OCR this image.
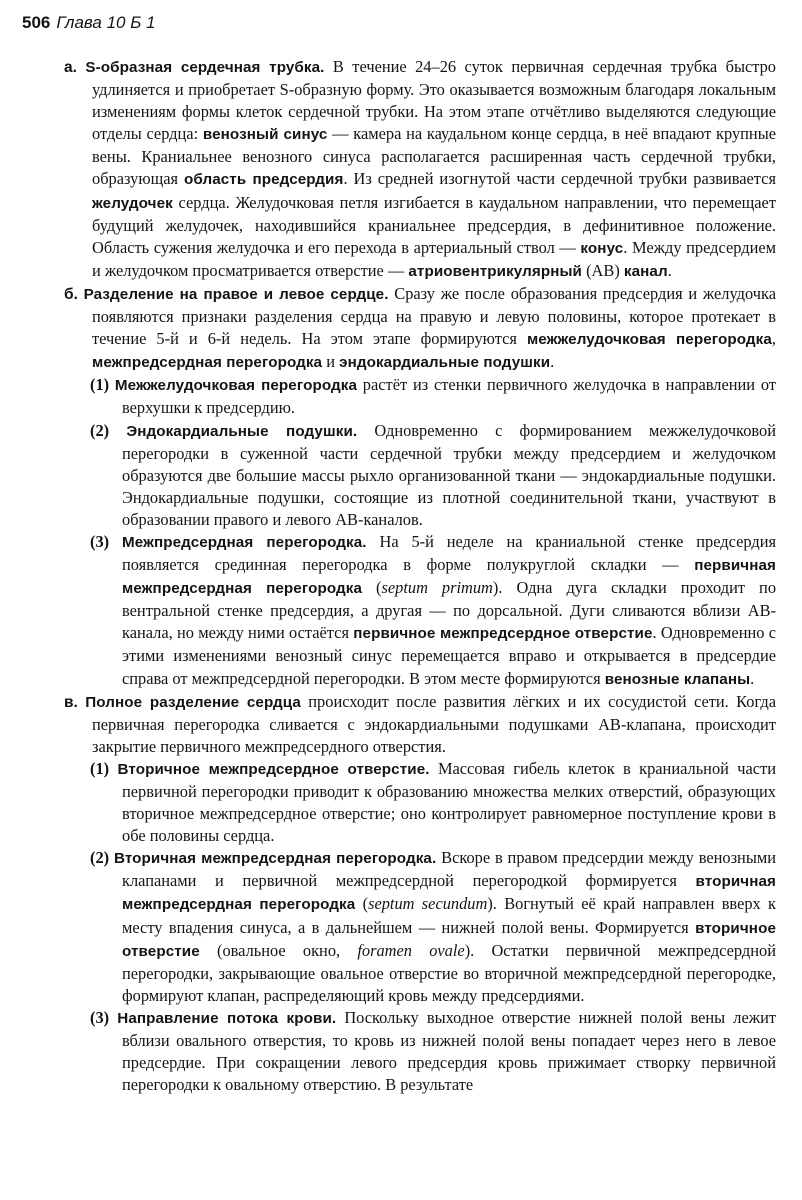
506 Глава 10 Б 1

а. S-образная сердечная трубка. В течение 24–26 суток первичная сердечная трубка быстро удлиняется и приобретает S-образную форму. Это оказывается возможным благодаря локальным изменениям формы клеток сердечной трубки. На этом этапе отчётливо выделяются следующие отделы сердца: венозный синус — камера на каудальном конце сердца, в неё впадают крупные вены. Краниальнее венозного синуса располагается расширенная часть сердечной трубки, образующая область предсердия. Из средней изогнутой части сердечной трубки развивается желудочек сердца. Желудочковая петля изгибается в каудальном направлении, что перемещает будущий желудочек, находившийся краниальнее предсердия, в дефинитивное положение. Область сужения желудочка и его перехода в артериальный ствол — конус. Между предсердием и желудочком просматривается отверстие — атриовентрикулярный (АВ) канал.

б. Разделение на правое и левое сердце. Сразу же после образования предсердия и желудочка появляются признаки разделения сердца на правую и левую половины, которое протекает в течение 5-й и 6-й недель. На этом этапе формируются межжелудочковая перегородка, межпредсердная перегородка и эндокардиальные подушки.

(1) Межжелудочковая перегородка растёт из стенки первичного желудочка в направлении от верхушки к предсердию.

(2) Эндокардиальные подушки. Одновременно с формированием межжелудочковой перегородки в суженной части сердечной трубки между предсердием и желудочком образуются две большие массы рыхло организованной ткани — эндокардиальные подушки. Эндокардиальные подушки, состоящие из плотной соединительной ткани, участвуют в образовании правого и левого АВ-каналов.

(3) Межпредсердная перегородка. На 5-й неделе на краниальной стенке предсердия появляется срединная перегородка в форме полукруглой складки — первичная межпредсердная перегородка (septum primum). Одна дуга складки проходит по вентральной стенке предсердия, а другая — по дорсальной. Дуги сливаются вблизи АВ-канала, но между ними остаётся первичное межпредсердное отверстие. Одновременно с этими изменениями венозный синус перемещается вправо и открывается в предсердие справа от межпредсердной перегородки. В этом месте формируются венозные клапаны.

в. Полное разделение сердца происходит после развития лёгких и их сосудистой сети. Когда первичная перегородка сливается с эндокардиальными подушками АВ-клапана, происходит закрытие первичного межпредсердного отверстия.

(1) Вторичное межпредсердное отверстие. Массовая гибель клеток в краниальной части первичной перегородки приводит к образованию множества мелких отверстий, образующих вторичное межпредсердное отверстие; оно контролирует равномерное поступление крови в обе половины сердца.

(2) Вторичная межпредсердная перегородка. Вскоре в правом предсердии между венозными клапанами и первичной межпредсердной перегородкой формируется вторичная межпредсердная перегородка (septum secundum). Вогнутый её край направлен вверх к месту впадения синуса, а в дальнейшем — нижней полой вены. Формируется вторичное отверстие (овальное окно, foramen ovale). Остатки первичной межпредсердной перегородки, закрывающие овальное отверстие во вторичной межпредсердной перегородке, формируют клапан, распределяющий кровь между предсердиями.

(3) Направление потока крови. Поскольку выходное отверстие нижней полой вены лежит вблизи овального отверстия, то кровь из нижней полой вены попадает через него в левое предсердие. При сокращении левого предсердия кровь прижимает створку первичной перегородки к овальному отверстию. В результате
